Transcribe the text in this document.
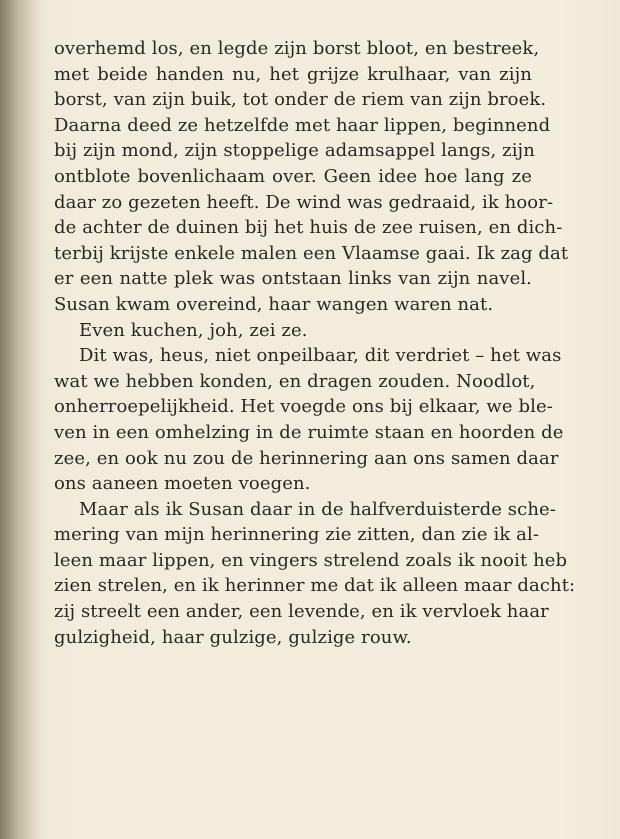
overhemd los, en legde zijn borst bloot, en bestreek,
met beide handen nu, het grijze krulhaar, van zijn
borst, van zijn buik, tot onder de riem van zijn broek.
Daarna deed ze hetzelfde met haar lippen, beginnend
bij zijn mond, zijn stoppelige adamsappel langs, zijn
ontblote bovenlichaam over. Geen idee hoe lang ze
daar zo gezeten heeft. De wind was gedraaid, ik hoor-
de achter de duinen bij het huis de zee ruisen, en dich-
terbij krijste enkele malen een Vlaamse gaai. Ik zag dat
er een natte plek was ontstaan links van zijn navel.
Susan kwam overeind, haar wangen waren nat.
Even kuchen, joh, zei ze.
Dit was, heus, niet onpeilbaar, dit verdriet – het was
wat we hebben konden, en dragen zouden. Noodlot,
onherroepelijkheid. Het voegde ons bij elkaar, we ble-
ven in een omhelzing in de ruimte staan en hoorden de
zee, en ook nu zou de herinnering aan ons samen daar
ons aaneen moeten voegen.
Maar als ik Susan daar in de halfverduisterde sche-
mering van mijn herinnering zie zitten, dan zie ik al-
leen maar lippen, en vingers strelend zoals ik nooit heb
zien strelen, en ik herinner me dat ik alleen maar dacht:
zij streelt een ander, een levende, en ik vervloek haar
gulzigheid, haar gulzige, gulzige rouw.
